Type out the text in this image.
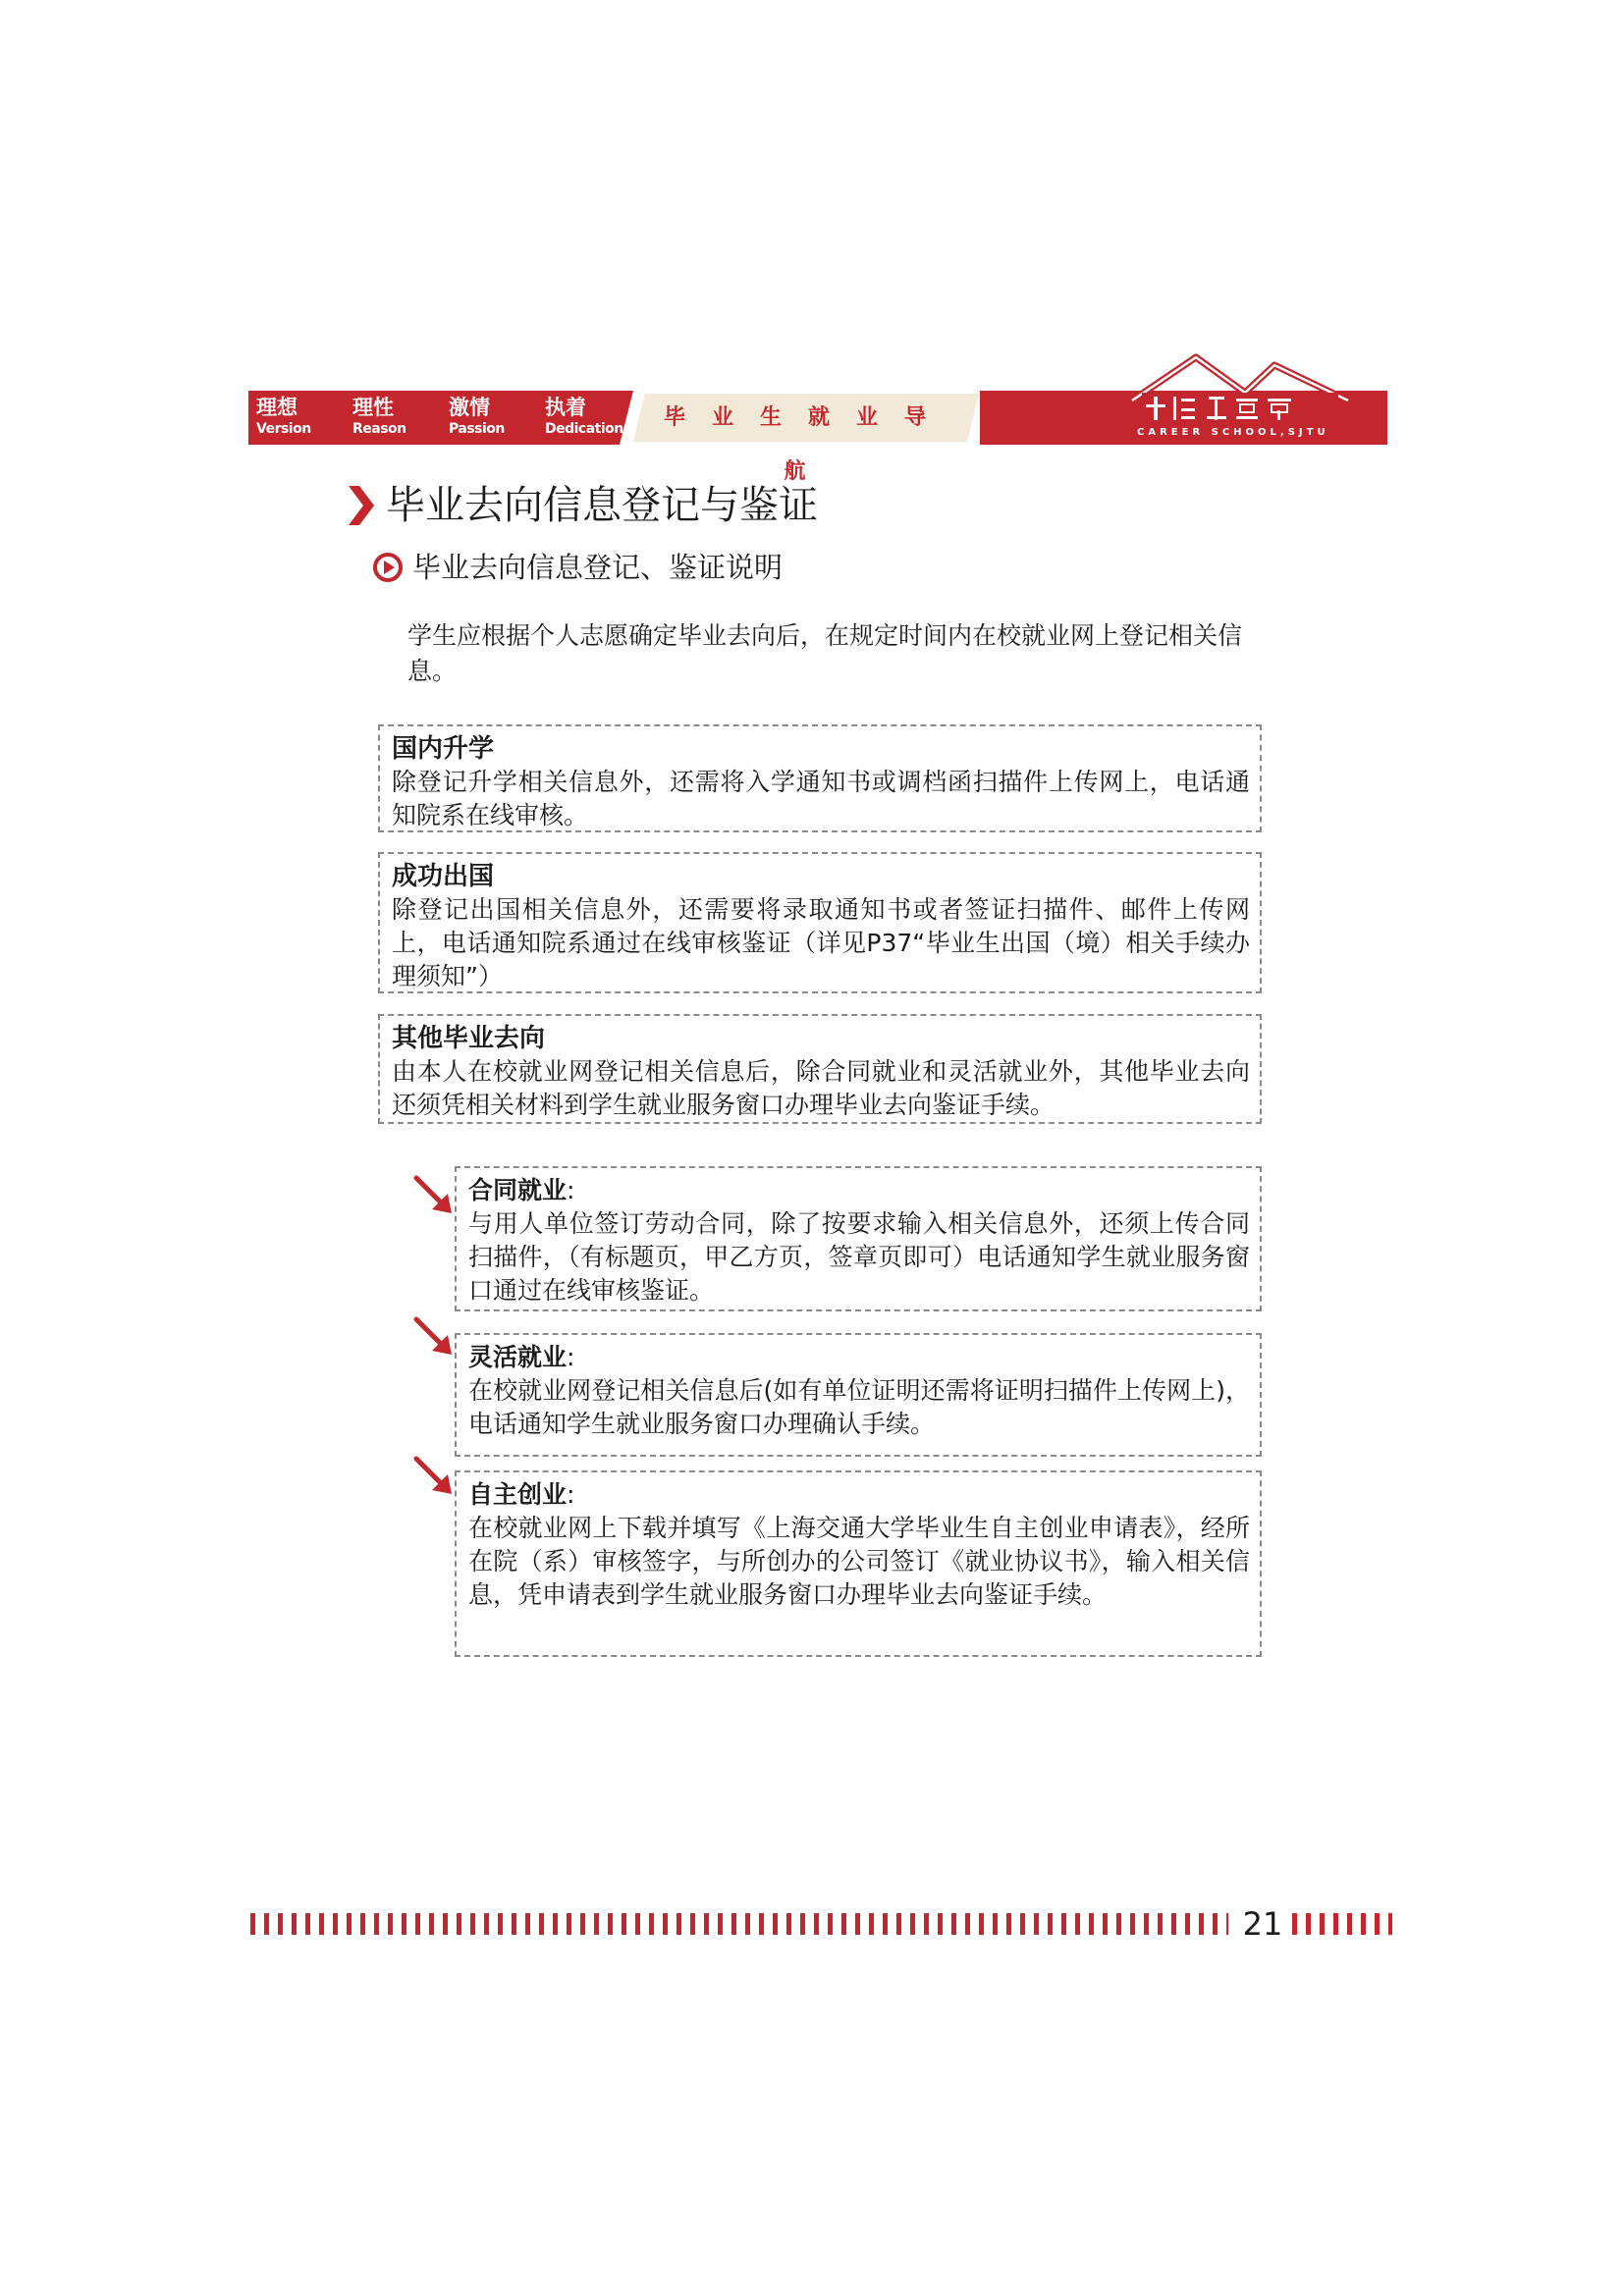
理想
Version
理性
Reason
激情
Passion
执着
Dedication	毕业生就业导航
CAREER SCHOOL,SJTU
毕业去向信息登记与鉴证
毕业去向信息登记、鉴证说明
学生应根据个人志愿确定毕业去向后，在规定时间内在校就业网上登记相关信息。
国内升学
除登记升学相关信息外，还需将入学通知书或调档函扫描件上传网上，电话通知院系在线审核。
成功出国
除登记出国相关信息外，还需要将录取通知书或者签证扫描件、邮件上传网上，电话通知院系通过在线审核鉴证（详见P37“毕业生出国（境）相关手续办理须知”）
其他毕业去向
由本人在校就业网登记相关信息后，除合同就业和灵活就业外，其他毕业去向还须凭相关材料到学生就业服务窗口办理毕业去向鉴证手续。
合同就业:
与用人单位签订劳动合同，除了按要求输入相关信息外，还须上传合同扫描件，（有标题页，甲乙方页，签章页即可）电话通知学生就业服务窗口通过在线审核鉴证。
灵活就业:
在校就业网登记相关信息后(如有单位证明还需将证明扫描件上传网上)，电话通知学生就业服务窗口办理确认手续。
自主创业:
在校就业网上下载并填写《上海交通大学毕业生自主创业申请表》，经所在院（系）审核签字，与所创办的公司签订《就业协议书》，输入相关信息，凭申请表到学生就业服务窗口办理毕业去向鉴证手续。
21
